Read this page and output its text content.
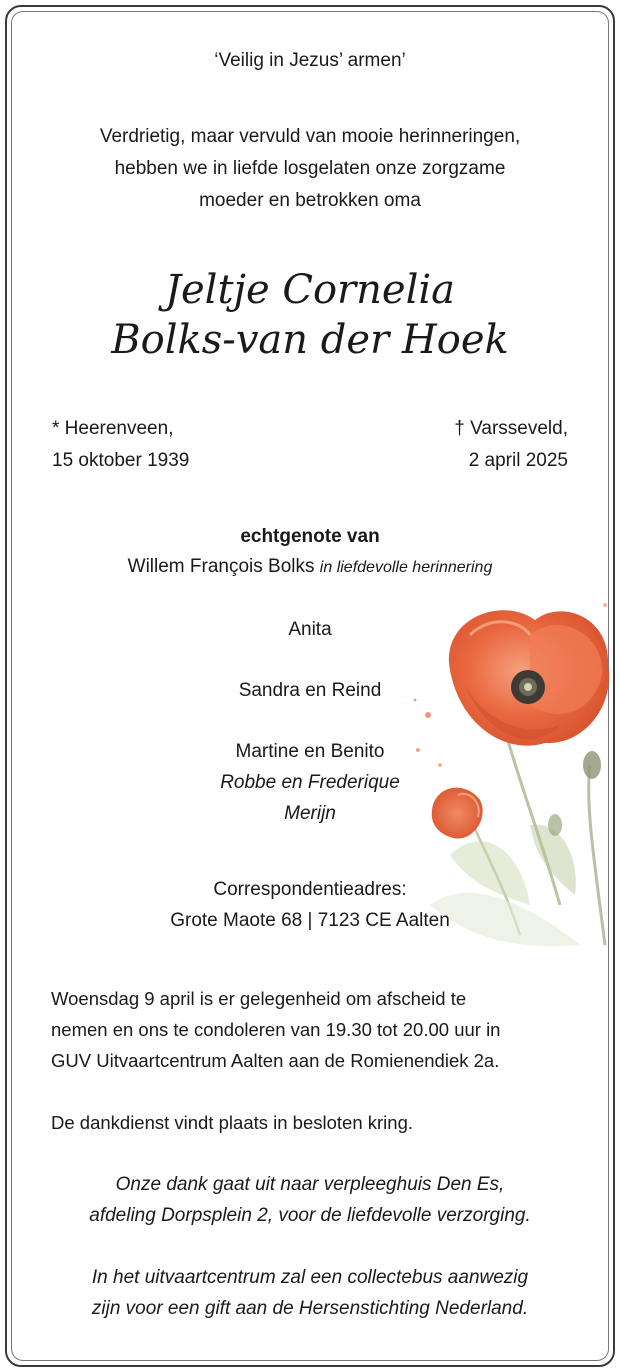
‘Veilig in Jezus’ armen’
Verdrietig, maar vervuld van mooie herinneringen,
hebben we in liefde losgelaten onze zorgzame
moeder en betrokken oma
Jeltje Cornelia
Bolks-van der Hoek
* Heerenveen,
15 oktober 1939
† Varsseveld,
2 april 2025
echtgenote van
Willem François Bolks in liefdevolle herinnering
Anita
Sandra en Reind
Martine en Benito
Robbe en Frederique
Merijn
Correspondentieadres:
Grote Maote 68 | 7123 CE Aalten
Woensdag 9 april is er gelegenheid om afscheid te
nemen en ons te condoleren van 19.30 tot 20.00 uur in
GUV Uitvaartcentrum Aalten aan de Romienendiek 2a.
De dankdienst vindt plaats in besloten kring.
Onze dank gaat uit naar verpleeghuis Den Es,
afdeling Dorpsplein 2, voor de liefdevolle verzorging.
In het uitvaartcentrum zal een collectebus aanwezig
zijn voor een gift aan de Hersenstichting Nederland.
